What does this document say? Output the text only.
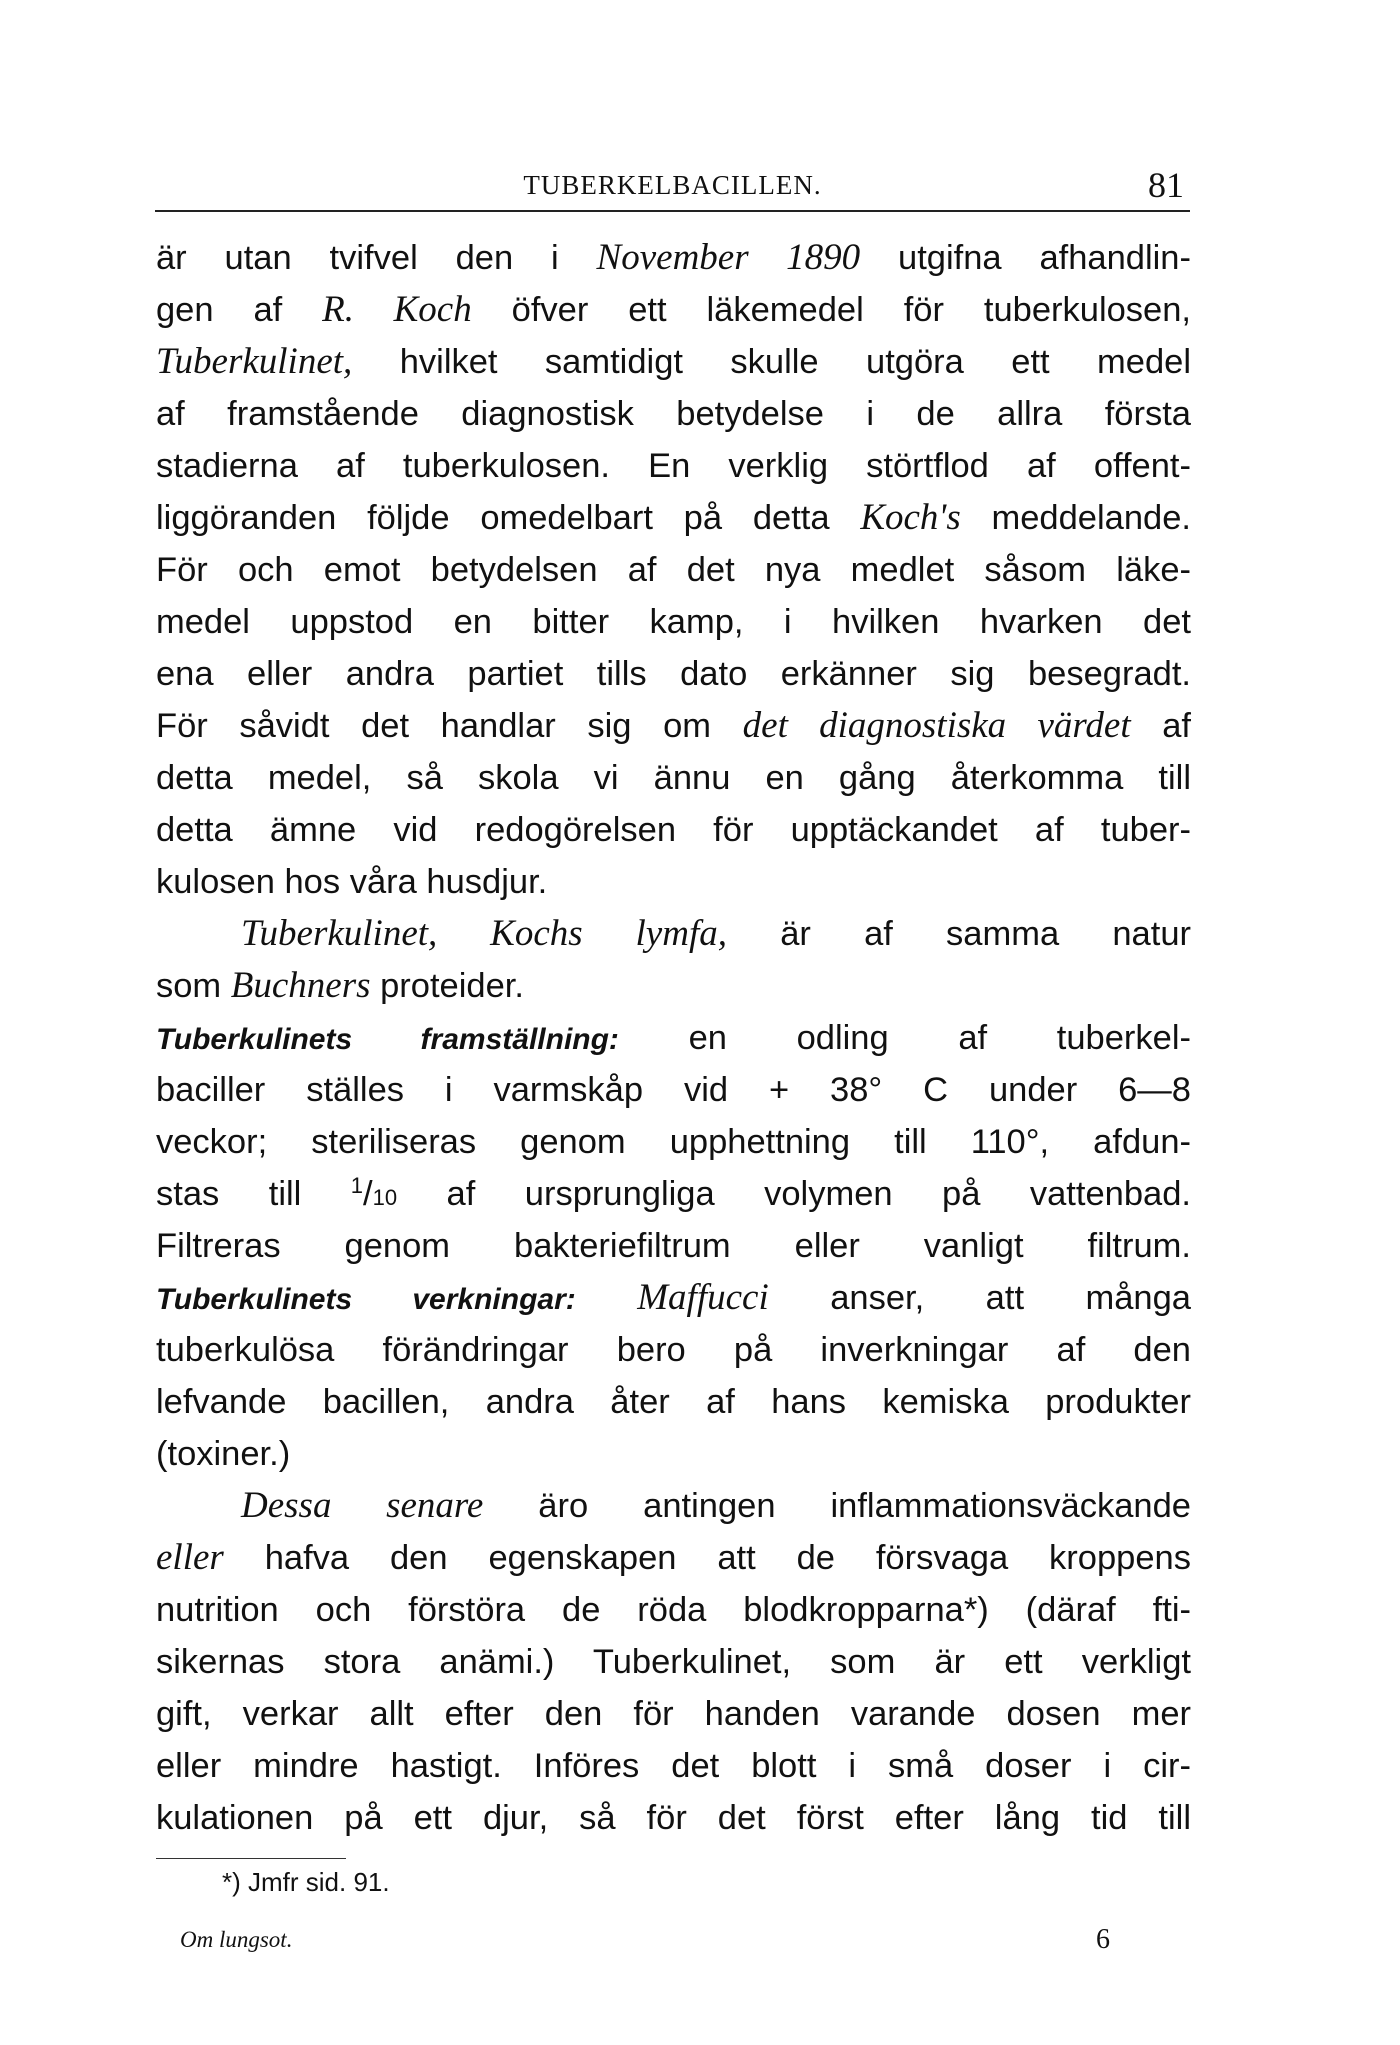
TUBERKELBACILLEN.	81
är utan tvifvel den i November 1890 utgifna afhandlin-
gen af R. Koch öfver ett läkemedel för tuberkulosen,
Tuberkulinet, hvilket samtidigt skulle utgöra ett medel
af framstående diagnostisk betydelse i de allra första
stadierna af tuberkulosen. En verklig störtflod af offent-
liggöranden följde omedelbart på detta Koch's meddelande.
För och emot betydelsen af det nya medlet såsom läke-
medel uppstod en bitter kamp, i hvilken hvarken det
ena eller andra partiet tills dato erkänner sig besegradt.
För såvidt det handlar sig om det diagnostiska värdet af
detta medel, så skola vi ännu en gång återkomma till
detta ämne vid redogörelsen för upptäckandet af tuber-
kulosen hos våra husdjur.
Tuberkulinet, Kochs lymfa, är af samma natur
som Buchners proteider.
Tuberkulinets framställning: en odling af tuberkel-
baciller ställes i varmskåp vid + 38° C under 6—8
veckor; steriliseras genom upphettning till 110°, afdun-
stas till $^1$/10 af ursprungliga volymen på vattenbad.
Filtreras genom bakteriefiltrum eller vanligt filtrum.
Tuberkulinets verkningar: Maffucci anser, att många
tuberkulösa förändringar bero på inverkningar af den
lefvande bacillen, andra åter af hans kemiska produkter
(toxiner.)
Dessa senare äro antingen inflammationsväckande
eller hafva den egenskapen att de försvaga kroppens
nutrition och förstöra de röda blodkropparna*) (däraf fti-
sikernas stora anämi.) Tuberkulinet, som är ett verkligt
gift, verkar allt efter den för handen varande dosen mer
eller mindre hastigt. Införes det blott i små doser i cir-
kulationen på ett djur, så för det först efter lång tid till
*) Jmfr sid. 91.
Om lungsot.	6
